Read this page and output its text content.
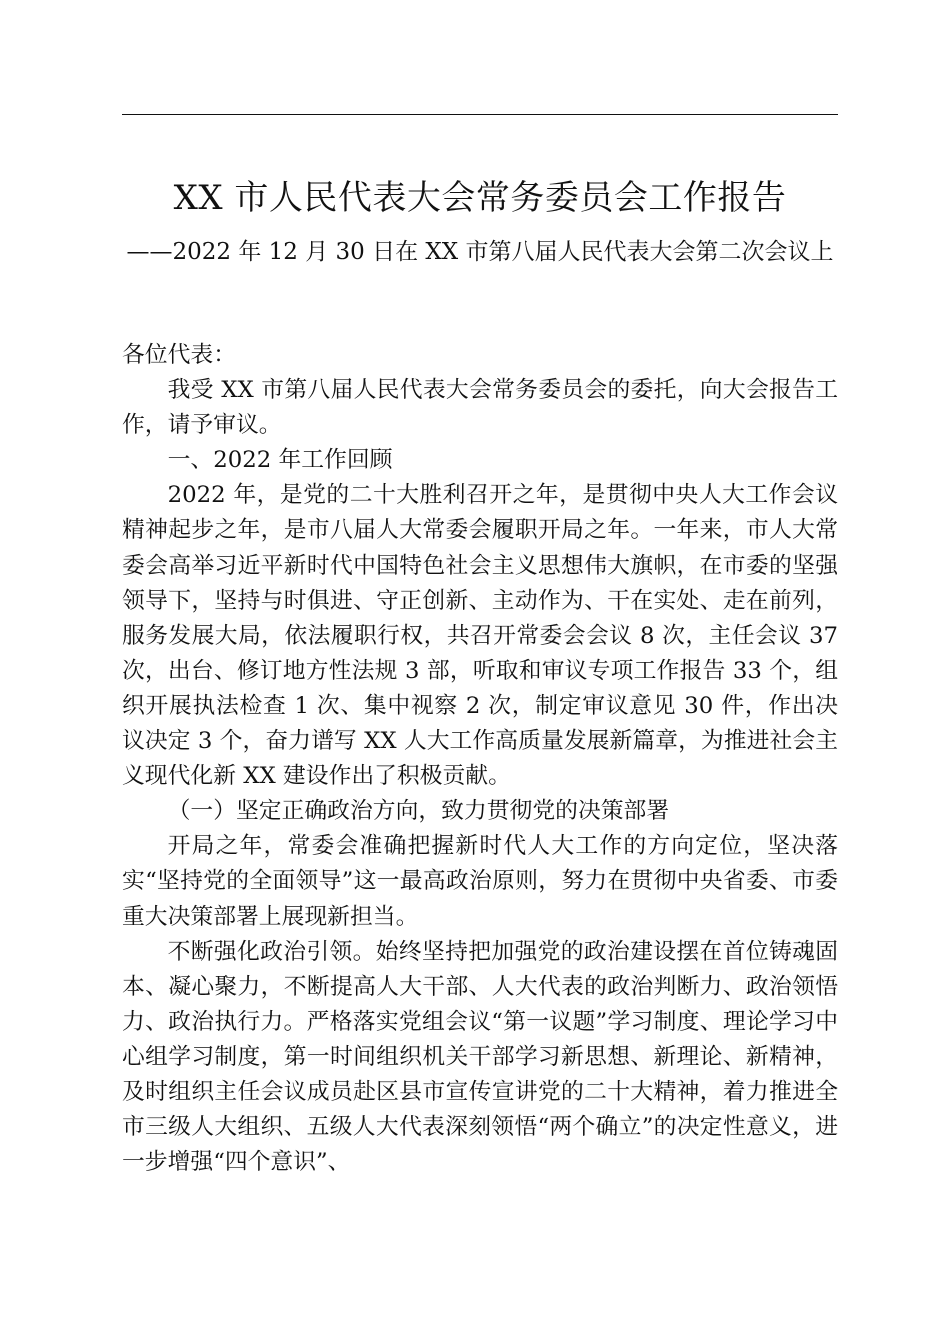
XX 市人民代表大会常务委员会工作报告
——2022 年 12 月 30 日在 XX 市第八届人民代表大会第二次会议上

各位代表：

我受 XX 市第八届人民代表大会常务委员会的委托，向大会报告工作，请予审议。

一、2022 年工作回顾

2022 年，是党的二十大胜利召开之年，是贯彻中央人大工作会议精神起步之年，是市八届人大常委会履职开局之年。一年来，市人大常委会高举习近平新时代中国特色社会主义思想伟大旗帜，在市委的坚强领导下，坚持与时俱进、守正创新、主动作为、干在实处、走在前列，服务发展大局，依法履职行权，共召开常委会会议 8 次，主任会议 37 次，出台、修订地方性法规 3 部，听取和审议专项工作报告 33 个，组织开展执法检查 1 次、集中视察 2 次，制定审议意见 30 件，作出决议决定 3 个，奋力谱写 XX 人大工作高质量发展新篇章，为推进社会主义现代化新 XX 建设作出了积极贡献。

（一）坚定正确政治方向，致力贯彻党的决策部署

开局之年，常委会准确把握新时代人大工作的方向定位，坚决落实“坚持党的全面领导”这一最高政治原则，努力在贯彻中央省委、市委重大决策部署上展现新担当。

不断强化政治引领。始终坚持把加强党的政治建设摆在首位铸魂固本、凝心聚力，不断提高人大干部、人大代表的政治判断力、政治领悟力、政治执行力。严格落实党组会议“第一议题”学习制度、理论学习中心组学习制度，第一时间组织机关干部学习新思想、新理论、新精神，及时组织主任会议成员赴区县市宣传宣讲党的二十大精神，着力推进全市三级人大组织、五级人大代表深刻领悟“两个确立”的决定性意义，进一步增强“四个意识”、
